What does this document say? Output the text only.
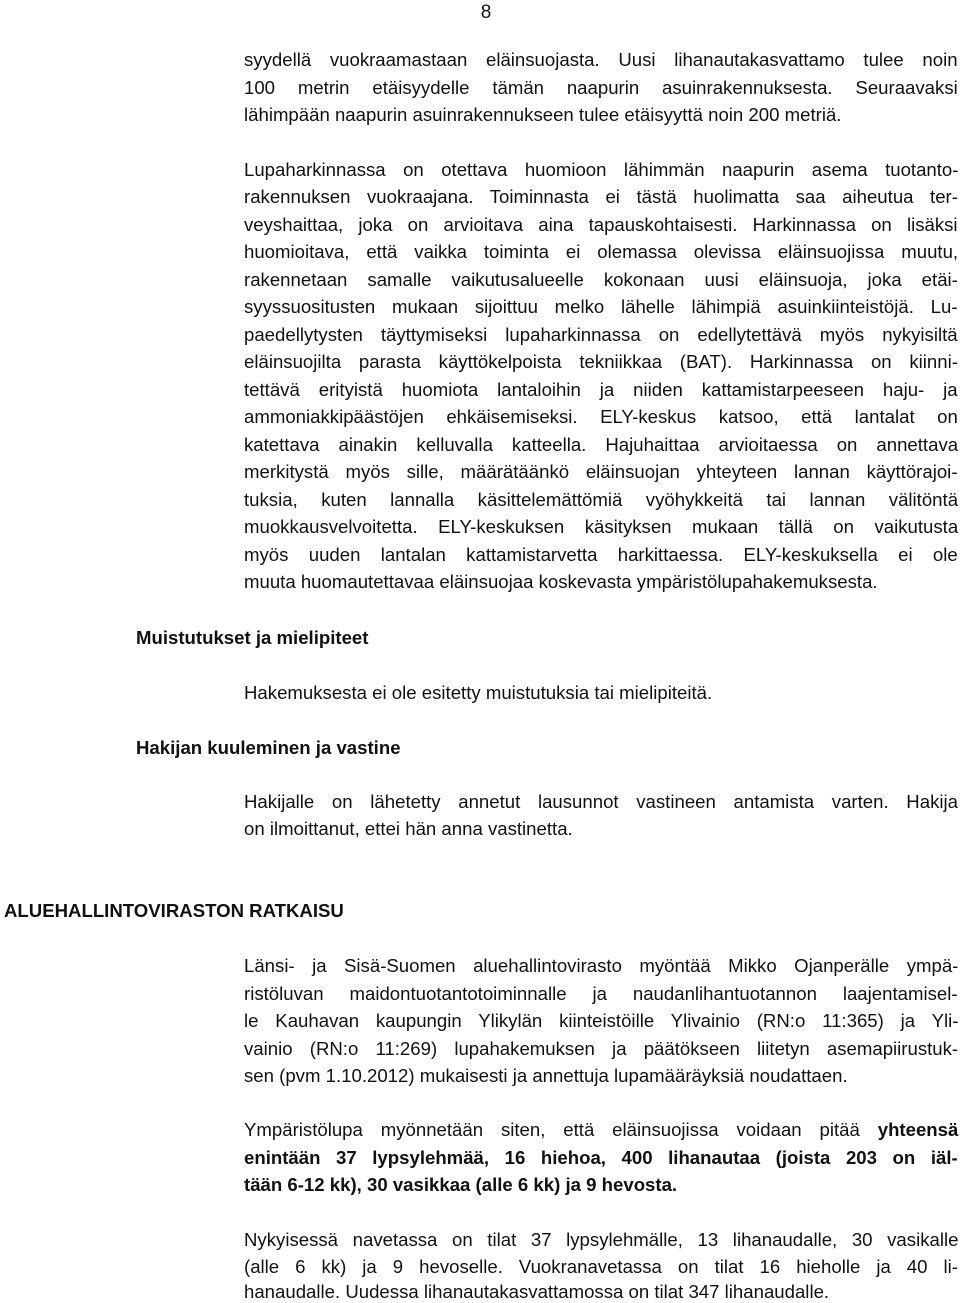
8

syydellä vuokraamastaan eläinsuojasta. Uusi lihanautakasvattamo tulee noin

100 metrin etäisyydelle tämän naapurin asuinrakennuksesta. Seuraavaksi

lähimpään naapurin asuinrakennukseen tulee etäisyyttä noin 200 metriä.

Lupaharkinnassa on otettava huomioon lähimmän naapurin asema tuotanto-

rakennuksen vuokraajana. Toiminnasta ei tästä huolimatta saa aiheutua ter-

veyshaittaa, joka on arvioitava aina tapauskohtaisesti. Harkinnassa on lisäksi

huomioitava, että vaikka toiminta ei olemassa olevissa eläinsuojissa muutu,

rakennetaan samalle vaikutusalueelle kokonaan uusi eläinsuoja, joka etäi-

syyssuositusten mukaan sijoittuu melko lähelle lähimpiä asuinkiinteistöjä. Lu-

paedellytysten täyttymiseksi lupaharkinnassa on edellytettävä myös nykyisiltä

eläinsuojilta parasta käyttökelpoista tekniikkaa (BAT). Harkinnassa on kiinni-

tettävä erityistä huomiota lantaloihin ja niiden kattamistarpeeseen haju- ja

ammoniakkipäästöjen ehkäisemiseksi. ELY-keskus katsoo, että lantalat on

katettava ainakin kelluvalla katteella. Hajuhaittaa arvioitaessa on annettava

merkitystä myös sille, määrätäänkö eläinsuojan yhteyteen lannan käyttörajoi-

tuksia, kuten lannalla käsittelemättömiä vyöhykkeitä tai lannan välitöntä

muokkausvelvoitetta. ELY-keskuksen käsityksen mukaan tällä on vaikutusta

myös uuden lantalan kattamistarvetta harkittaessa. ELY-keskuksella ei ole

muuta huomautettavaa eläinsuojaa koskevasta ympäristölupahakemuksesta.

Muistutukset ja mielipiteet

Hakemuksesta ei ole esitetty muistutuksia tai mielipiteitä.

Hakijan kuuleminen ja vastine

Hakijalle on lähetetty annetut lausunnot vastineen antamista varten. Hakija

on ilmoittanut, ettei hän anna vastinetta.

ALUEHALLINTOVIRASTON RATKAISU

Länsi- ja Sisä-Suomen aluehallintovirasto myöntää Mikko Ojanperälle ympä-

ristöluvan maidontuotantotoiminnalle ja naudanlihantuotannon laajentamisel-

le Kauhavan kaupungin Ylikylän kiinteistöille Ylivainio (RN:o 11:365) ja Yli-

vainio (RN:o 11:269) lupahakemuksen ja päätökseen liitetyn asemapiirustuk-

sen (pvm 1.10.2012) mukaisesti ja annettuja lupamääräyksiä noudattaen.

Ympäristölupa myönnetään siten, että eläinsuojissa voidaan pitää yhteensä

enintään 37 lypsylehmää, 16 hiehoa, 400 lihanautaa (joista 203 on iäl-

tään 6-12 kk), 30 vasikkaa (alle 6 kk) ja 9 hevosta.

Nykyisessä navetassa on tilat 37 lypsylehmälle, 13 lihanaudalle, 30 vasikalle

(alle 6 kk) ja 9 hevoselle. Vuokranavetassa on tilat 16 hieholle ja 40 li-

hanaudalle. Uudessa lihanautakasvattamossa on tilat 347 lihanaudalle.
